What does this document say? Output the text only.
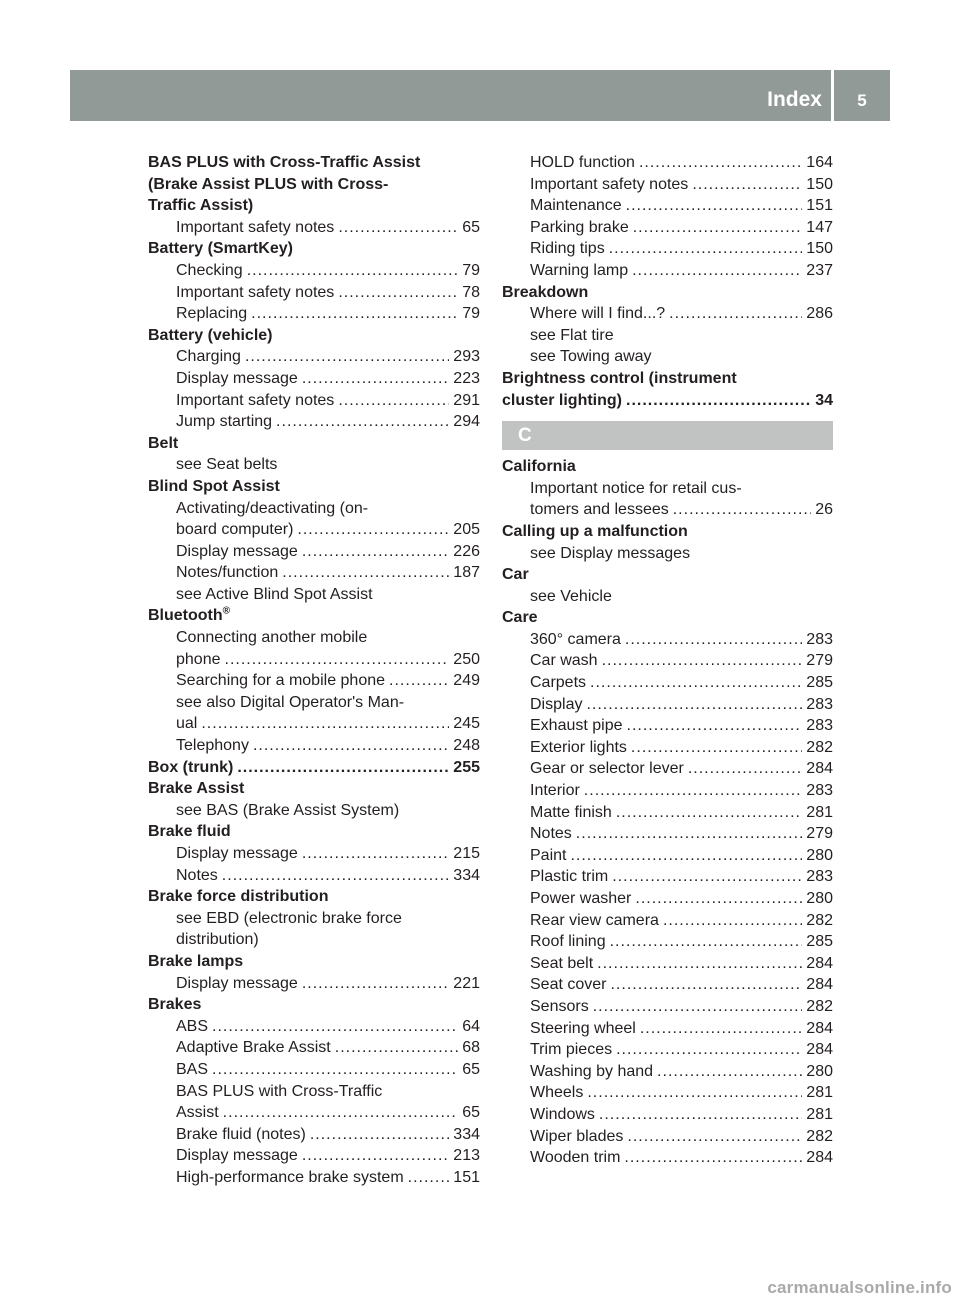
Index	5
BAS PLUS with Cross-Traffic Assist
(Brake Assist PLUS with Cross-
Traffic Assist)
Important safety notes .....	65
Battery (SmartKey)
Checking .....	79
Important safety notes .....	78
Replacing .....	79
Battery (vehicle)
Charging .....	293
Display message .....	223
Important safety notes .....	291
Jump starting .....	294
Belt
see Seat belts
Blind Spot Assist
Activating/deactivating (on-
board computer) .....	205
Display message .....	226
Notes/function .....	187
see Active Blind Spot Assist
Bluetooth®
Connecting another mobile
phone .....	250
Searching for a mobile phone .....	249
see also Digital Operator's Man-
ual .....	245
Telephony .....	248
Box (trunk) .....	255
Brake Assist
see BAS (Brake Assist System)
Brake fluid
Display message .....	215
Notes .....	334
Brake force distribution
see EBD (electronic brake force
distribution)
Brake lamps
Display message .....	221
Brakes
ABS .....	64
Adaptive Brake Assist .....	68
BAS .....	65
BAS PLUS with Cross-Traffic
Assist .....	65
Brake fluid (notes) .....	334
Display message .....	213
High-performance brake system .....	151
HOLD function .....	164
Important safety notes .....	150
Maintenance .....	151
Parking brake .....	147
Riding tips .....	150
Warning lamp .....	237
Breakdown
Where will I find...? .....	286
see Flat tire
see Towing away
Brightness control (instrument
cluster lighting) .....	34
C
California
Important notice for retail cus-
tomers and lessees .....	26
Calling up a malfunction
see Display messages
Car
see Vehicle
Care
360° camera .....	283
Car wash .....	279
Carpets .....	285
Display .....	283
Exhaust pipe .....	283
Exterior lights .....	282
Gear or selector lever .....	284
Interior .....	283
Matte finish .....	281
Notes .....	279
Paint .....	280
Plastic trim .....	283
Power washer .....	280
Rear view camera .....	282
Roof lining .....	285
Seat belt .....	284
Seat cover .....	284
Sensors .....	282
Steering wheel .....	284
Trim pieces .....	284
Washing by hand .....	280
Wheels .....	281
Windows .....	281
Wiper blades .....	282
Wooden trim .....	284
carmanualsonline.info
